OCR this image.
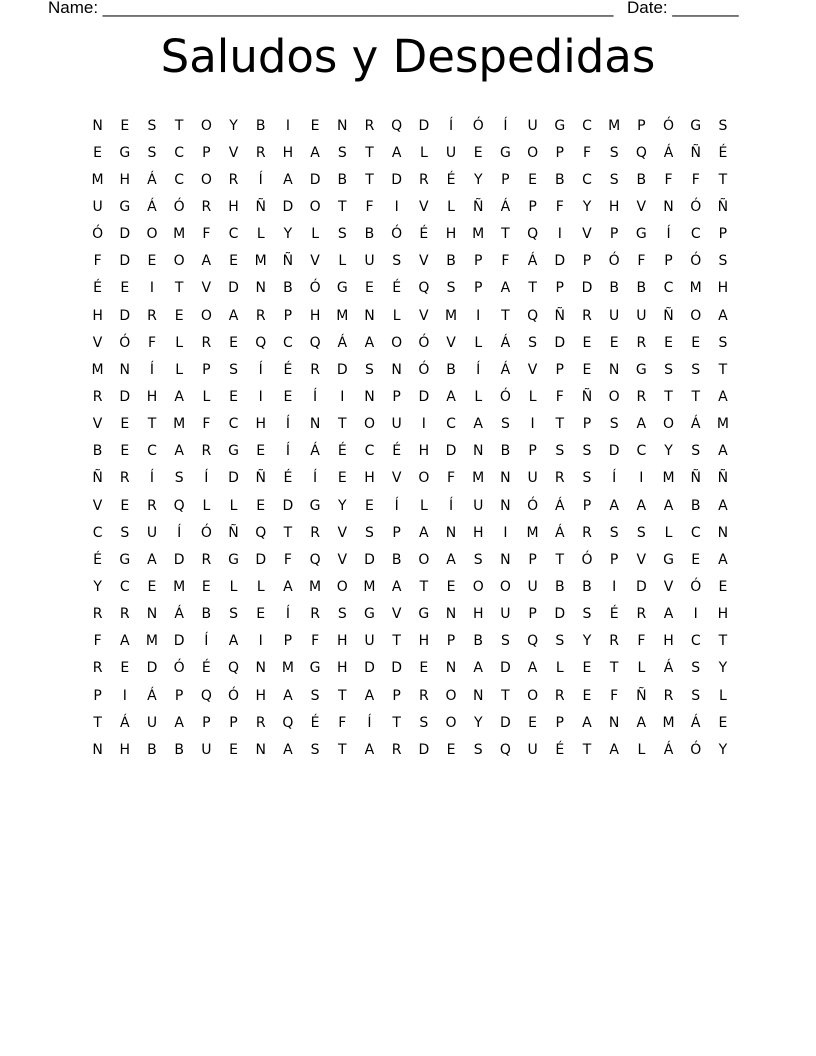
Name: ______________________________________________________ Date: _______
Saludos y Despedidas
N	E	S	T	O	Y	B	I	E	N	R	Q	D	Í	Ó	Í	U	G	C	M	P	Ó	G	S
E	G	S	C	P	V	R	H	A	S	T	A	L	U	E	G	O	P	F	S	Q	Á	Ñ	É
M	H	Á	C	O	R	Í	A	D	B	T	D	R	É	Y	P	E	B	C	S	B	F	F	T
U	G	Á	Ó	R	H	Ñ	D	O	T	F	I	V	L	Ñ	Á	P	F	Y	H	V	N	Ó	Ñ
Ó	D	O	M	F	C	L	Y	L	S	B	Ó	É	H	M	T	Q	I	V	P	G	Í	C	P
F	D	E	O	A	E	M	Ñ	V	L	U	S	V	B	P	F	Á	D	P	Ó	F	P	Ó	S
É	E	I	T	V	D	N	B	Ó	G	E	É	Q	S	P	A	T	P	D	B	B	C	M	H
H	D	R	E	O	A	R	P	H	M	N	L	V	M	I	T	Q	Ñ	R	U	U	Ñ	O	A
V	Ó	F	L	R	E	Q	C	Q	Á	A	O	Ó	V	L	Á	S	D	E	E	R	E	E	S
M	N	Í	L	P	S	Í	É	R	D	S	N	Ó	B	Í	Á	V	P	E	N	G	S	S	T
R	D	H	A	L	E	I	E	Í	I	N	P	D	A	L	Ó	L	F	Ñ	O	R	T	T	A
V	E	T	M	F	C	H	Í	N	T	O	U	I	C	A	S	I	T	P	S	A	O	Á	M
B	E	C	A	R	G	E	Í	Á	É	C	É	H	D	N	B	P	S	S	D	C	Y	S	A
Ñ	R	Í	S	Í	D	Ñ	É	Í	E	H	V	O	F	M	N	U	R	S	Í	I	M	Ñ	Ñ
V	E	R	Q	L	L	E	D	G	Y	E	Í	L	Í	U	N	Ó	Á	P	A	A	A	B	A
C	S	U	Í	Ó	Ñ	Q	T	R	V	S	P	A	N	H	I	M	Á	R	S	S	L	C	N
É	G	A	D	R	G	D	F	Q	V	D	B	O	A	S	N	P	T	Ó	P	V	G	E	A
Y	C	E	M	E	L	L	A	M	O	M	A	T	E	O	O	U	B	B	I	D	V	Ó	E
R	R	N	Á	B	S	E	Í	R	S	G	V	G	N	H	U	P	D	S	É	R	A	I	H
F	A	M	D	Í	A	I	P	F	H	U	T	H	P	B	S	Q	S	Y	R	F	H	C	T
R	E	D	Ó	É	Q	N	M	G	H	D	D	E	N	A	D	A	L	E	T	L	Á	S	Y
P	I	Á	P	Q	Ó	H	A	S	T	A	P	R	O	N	T	O	R	E	F	Ñ	R	S	L
T	Á	U	A	P	P	R	Q	É	F	Í	T	S	O	Y	D	E	P	A	N	A	M	Á	E
N	H	B	B	U	E	N	A	S	T	A	R	D	E	S	Q	U	É	T	A	L	Á	Ó	Y
